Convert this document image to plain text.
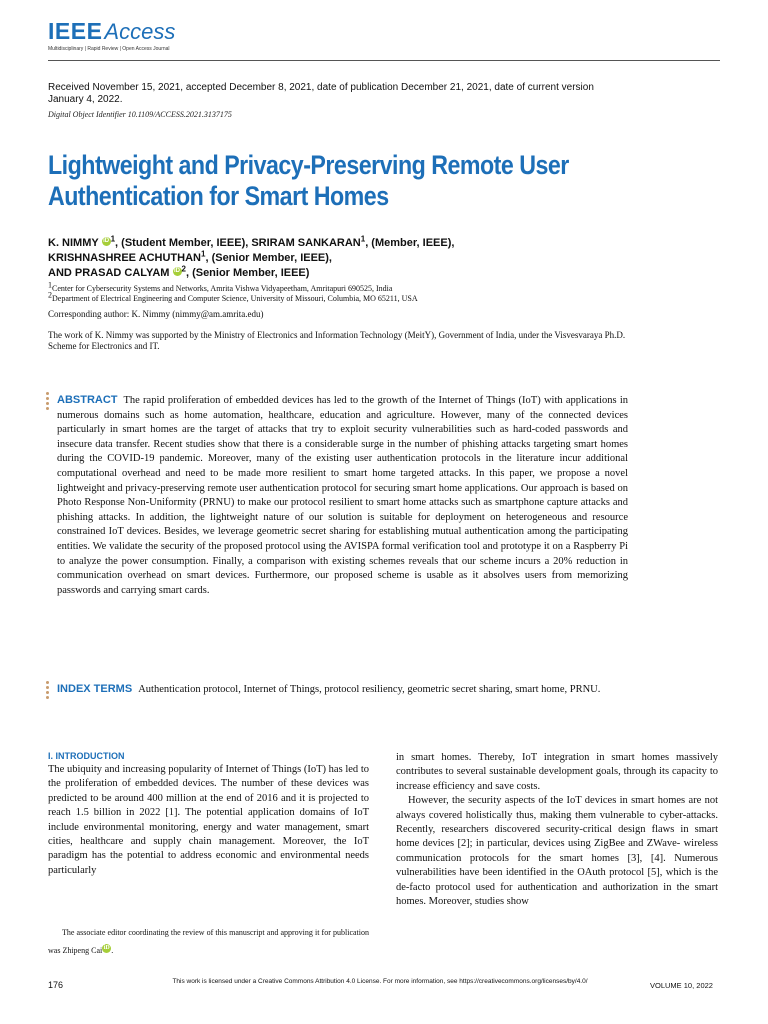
IEEEAccess
Multidisciplinary | Rapid Review | Open Access Journal
Received November 15, 2021, accepted December 8, 2021, date of publication December 21, 2021, date of current version January 4, 2022.
Digital Object Identifier 10.1109/ACCESS.2021.3137175
Lightweight and Privacy-Preserving Remote User Authentication for Smart Homes
K. NIMMY iD $^1$, (Student Member, IEEE), SRIRAM SANKARAN$^1$, (Member, IEEE),
KRISHNASHREE ACHUTHAN$^1$, (Senior Member, IEEE),
AND PRASAD CALYAM iD $^2$, (Senior Member, IEEE)
$^1$Center for Cybersecurity Systems and Networks, Amrita Vishwa Vidyapeetham, Amritapuri 690525, India
$^2$Department of Electrical Engineering and Computer Science, University of Missouri, Columbia, MO 65211, USA
Corresponding author: K. Nimmy (nimmy@am.amrita.edu)
The work of K. Nimmy was supported by the Ministry of Electronics and Information Technology (MeitY), Government of India, under the Visvesvaraya Ph.D. Scheme for Electronics and IT.
ABSTRACT The rapid proliferation of embedded devices has led to the growth of the Internet of Things (IoT) with applications in numerous domains such as home automation, healthcare, education and agriculture. However, many of the connected devices particularly in smart homes are the target of attacks that try to exploit security vulnerabilities such as hard-coded passwords and insecure data transfer. Recent studies show that there is a considerable surge in the number of phishing attacks targeting smart homes during the COVID-19 pandemic. Moreover, many of the existing user authentication protocols in the literature incur additional computational overhead and need to be made more resilient to smart home targeted attacks. In this paper, we propose a novel lightweight and privacy-preserving remote user authentication protocol for securing smart home applications. Our approach is based on Photo Response Non-Uniformity (PRNU) to make our protocol resilient to smart home attacks such as smartphone capture attacks and phishing attacks. In addition, the lightweight nature of our solution is suitable for deployment on heterogeneous and resource constrained IoT devices. Besides, we leverage geometric secret sharing for establishing mutual authentication among the participating entities. We validate the security of the proposed protocol using the AVISPA formal verification tool and prototype it on a Raspberry Pi to analyze the power consumption. Finally, a comparison with existing schemes reveals that our scheme incurs a 20% reduction in communication overhead on smart devices. Furthermore, our proposed scheme is usable as it absolves users from memorizing passwords and carrying smart cards.
INDEX TERMS Authentication protocol, Internet of Things, protocol resiliency, geometric secret sharing, smart home, PRNU.
I. INTRODUCTION

The ubiquity and increasing popularity of Internet of Things (IoT) has led to the proliferation of embedded devices. The number of these devices was predicted to be around 400 million at the end of 2016 and it is projected to reach 1.5 billion in 2022 [1]. The potential application domains of IoT include environmental monitoring, energy and water management, smart cities, healthcare and supply chain management. Moreover, the IoT paradigm has the potential to address economic and environmental needs particularly

in smart homes. Thereby, IoT integration in smart homes massively contributes to several sustainable development goals, through its capacity to increase efficiency and save costs.

However, the security aspects of the IoT devices in smart homes are not always covered holistically thus, making them vulnerable to cyber-attacks. Recently, researchers discovered security-critical design flaws in smart home devices [2]; in particular, devices using ZigBee and ZWave- wireless communication protocols for the smart homes [3], [4]. Numerous vulnerabilities have been identified in the OAuth protocol [5], which is the de-facto protocol used for authentication and authorization in the smart homes. Moreover, studies show

The associate editor coordinating the review of this manuscript and approving it for publication was Zhipeng Cai iD .
176	This work is licensed under a Creative Commons Attribution 4.0 License. For more information, see https://creativecommons.org/licenses/by/4.0/	VOLUME 10, 2022
